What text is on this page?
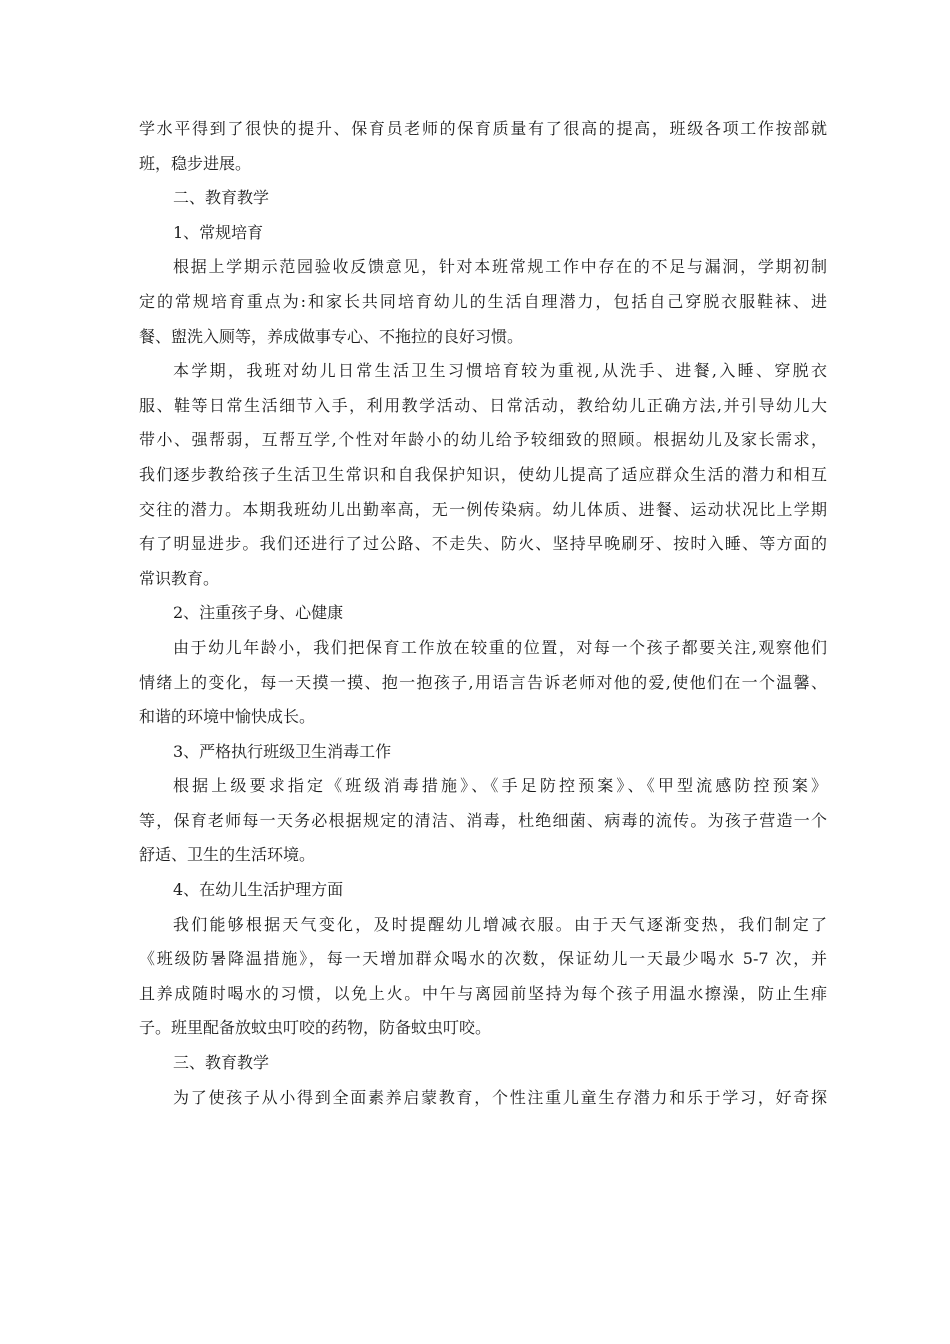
学水平得到了很快的提升、保育员老师的保育质量有了很高的提高，班级各项工作按部就
班，稳步进展。
二、教育教学
1、常规培育
根据上学期示范园验收反馈意见，针对本班常规工作中存在的不足与漏洞，学期初制
定的常规培育重点为:和家长共同培育幼儿的生活自理潜力，包括自己穿脱衣服鞋袜、进
餐、盥洗入厕等，养成做事专心、不拖拉的良好习惯。
本学期，我班对幼儿日常生活卫生习惯培育较为重视,从洗手、进餐,入睡、穿脱衣
服、鞋等日常生活细节入手，利用教学活动、日常活动，教给幼儿正确方法,并引导幼儿大
带小、强帮弱，互帮互学,个性对年龄小的幼儿给予较细致的照顾。根据幼儿及家长需求，
我们逐步教给孩子生活卫生常识和自我保护知识，使幼儿提高了适应群众生活的潜力和相互
交往的潜力。本期我班幼儿出勤率高，无一例传染病。幼儿体质、进餐、运动状况比上学期
有了明显进步。我们还进行了过公路、不走失、防火、坚持早晚刷牙、按时入睡、等方面的
常识教育。
2、注重孩子身、心健康
由于幼儿年龄小，我们把保育工作放在较重的位置，对每一个孩子都要关注,观察他们
情绪上的变化，每一天摸一摸、抱一抱孩子,用语言告诉老师对他的爱,使他们在一个温馨、
和谐的环境中愉快成长。
3、严格执行班级卫生消毒工作
根据上级要求指定《班级消毒措施》、《手足防控预案》、《甲型流感防控预案》
等，保育老师每一天务必根据规定的清洁、消毒，杜绝细菌、病毒的流传。为孩子营造一个
舒适、卫生的生活环境。
4、在幼儿生活护理方面
我们能够根据天气变化，及时提醒幼儿增减衣服。由于天气逐渐变热，我们制定了
《班级防暑降温措施》，每一天增加群众喝水的次数，保证幼儿一天最少喝水 5-7 次，并
且养成随时喝水的习惯，以免上火。中午与离园前坚持为每个孩子用温水擦澡，防止生痱
子。班里配备放蚊虫叮咬的药物，防备蚊虫叮咬。
三、教育教学
为了使孩子从小得到全面素养启蒙教育，个性注重儿童生存潜力和乐于学习，好奇探
